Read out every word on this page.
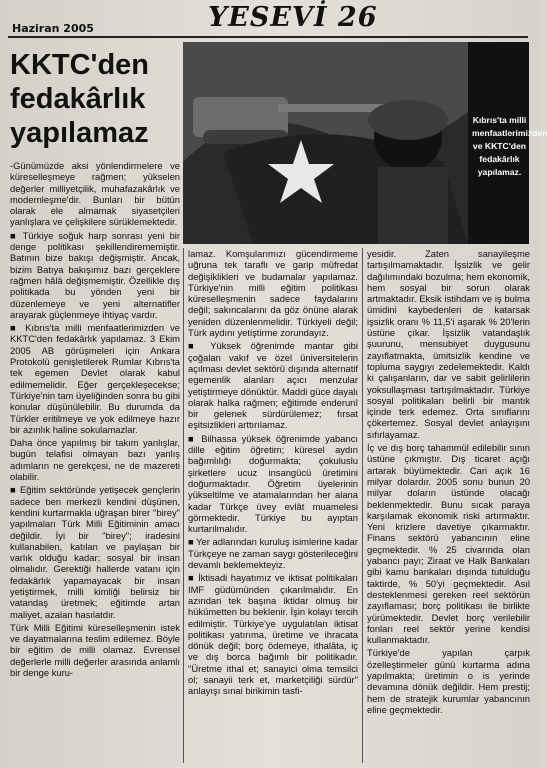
Haziran 2005	YESEVİ 26
KKTC'den fedakârlık yapılamaz	Kıbrıs'ta milli menfaatlerimizden ve KKTC'den fedakârlık yapılamaz.

-Günümüzde aksi yönlendirmelere ve küreselleşmeye rağmen; yükselen değerler milliyetçilik, muhafazakârlık ve modernleşme'dir. Bunları bir bütün olarak ele almamak siyasetçileri yanlışlara ve çelişkilere sürüklemektedir.

■ Türkiye soğuk harp sonrası yeni bir denge politikası şekillendirememiştir. Batının bize bakışı değişmiştir. Ancak, bizim Batıya bakışımız bazı gerçeklere rağmen hâlâ değişmemiştir. Özellikle dış politikada bu yönden yeni bir düzenlemeye ve yeni alternatifler arayarak güçlenmeye ihtiyaç vardır.

■ Kıbrıs'ta milli menfaatlerimizden ve KKTC'den fedakârlık yapılamaz. 3 Ekim 2005 AB görüşmeleri için Ankara Protokolü genişletilerek Rumlar Kıbrıs'ta tek egemen Devlet olarak kabul edilmemelidir. Eğer gerçekleşecekse; Türkiye'nin tam üyeliğinden sonra bu gibi konular düşünülebilir. Bu durumda da Türkler eritilmeye ve yok edilmeye hazır bir azınlık haline sokulamazlar.

Daha önce yapılmış bir takım yanlışlar, bugün telafisi olmayan bazı yanlış adımların ne gerekçesi, ne de mazereti olabilir.

■ Eğitim sektöründe yetişecek gençlerin sadece ben merkezli kendini düşünen, kendini kurtarmakla uğraşan birer "birey" yapılmaları Türk Milli Eğitiminin amacı değildir. İyi bir "birey"; iradesini kullanabilen, katılan ve paylaşan bir varlık olduğu kadar; sosyal bir insan olmalıdır. Gerektiği hallerde vatanı için fedakârlık yapamayacak bir insan yetiştirmek, milli kimliği belirsiz bir vatandaş üretmek; eğitimde artan maliyet, azalan hasılatdır.

Türk Milli Eğitimi küreselleşmenin istek ve dayatmalarına teslim edilemez. Böyle bir eğitim de milli olamaz. Evrensel değerlerle milli değerler arasında anlamlı bir denge kuru-

lamaz. Komşularımızı gücendirmeme uğruna tek taraflı ve garip müfredat değişiklikleri ve budamalar yapılamaz. Türkiye'nin milli eğitim politikası küreselleşmenin sadece faydalarını değil; sakıncalarını da göz önüne alarak yeniden düzenlenmelidir. Türkiyeli değil; Türk aydını yetiştirme zorundayız.

■ Yüksek öğrenimde mantar gibi çoğalan vakıf ve özel üniversitelerin açılması devlet sektörü dışında alternatif egemenlik alanları açıcı menzular yetiştirmeye dönüktür. Maddi güce dayalı olarak halka rağmen; eğitimde enderunî bir gelenek sürdürülemez; fırsat eşitsizlikleri arttırılamaz.

■ Bilhassa yüksek öğrenimde yabancı dille eğitim öğretim; küresel aydın bağımlılığı doğurmakta; çokuluslu şirketlere ucuz insangücü üretimini doğurmaktadır. Öğretim üyelerinin yükseltilme ve atamalarından her alana kadar Türkçe üvey evlât muamelesi görmektedir. Türkiye bu ayıptan kurtarılmalıdır.

■ Yer adlarından kuruluş isimlerine kadar Türkçeye ne zaman saygı gösterileceğini devamlı beklemekteyiz.

■ İktisadi hayatımız ve iktisat politikaları IMF güdümünden çıkarılmalıdır. En azından tek başına iktidar olmuş bir hükümetten bu beklenir. İşin kolayı tercih edilmiştir. Türkiye'ye uygulatılan iktisat politikası yatırıma, üretime ve ihracata dönük değil; borç ödemeye, ithalâta, iç ve dış borca bağımlı bir politikadır. "Üretme ithal et; sanayici olma temsilci ol; sanayii terk et, marketçiliği sürdür" anlayışı sınai birikimin tasfi-

yesidir. Zaten sanayileşme tartışılmamaktadır. İşsizlik ve gelir dağılımındaki bozulma; hem ekonomik, hem sosyal bir sorun olarak artmaktadır. Eksik istihdam ve iş bulma ümidini kaybedenleri de katarsak işsizlik oranı % 11,5'i aşarak % 20'lerin üstüne çıkar. İşsizlik vatandaşlık şuurunu, mensubiyet duygusunu zayıflatmakta, ümitsizlik kendine ve topluma saygıyı zedelemektedir. Kaldı ki çalışanların, dar ve sabit gelirlilerin yoksullaşması tartışılmaktadır. Türkiye sosyal politikaları belirli bir mantık içinde terk edemez. Orta sınıflarını çökertemez. Sosyal devlet anlayışını sıfırlayamaz.

İç ve dış borç tahammül edilebilir sının üstüne çıkmıştır. Dış ticaret açığı artarak büyümektedir. Cari açık 16 milyar dolardır. 2005 sonu bunun 20 milyar doların üstünde olacağı beklenmektedir. Bunu sıcak paraya karşılamak ekonomik riski artırmaktır. Yeni krizlere davetiye çıkarmaktır. Finans sektörü yabancının eline geçmektedir. % 25 civarında olan yabancı payı; Ziraat ve Halk Bankaları gibi kamu bankaları dışında tutulduğu taktirde, % 50'yi geçmektedir. Asıl desteklenmesi gereken reel sektörün zayıflaması; borç politikası ile birlikte yürümektedir. Devlet borç verilebilir fonları reel sektör yerine kendisi kullanmaktadır.

Türkiye'de yapılan çarpık özelleştirmeler günü kurtarma adına yapılmakta; üretimin o is yerinde devamına dönük değildir. Hem prestij; hem de stratejik kurumlar yabancının eline geçmektedir.
